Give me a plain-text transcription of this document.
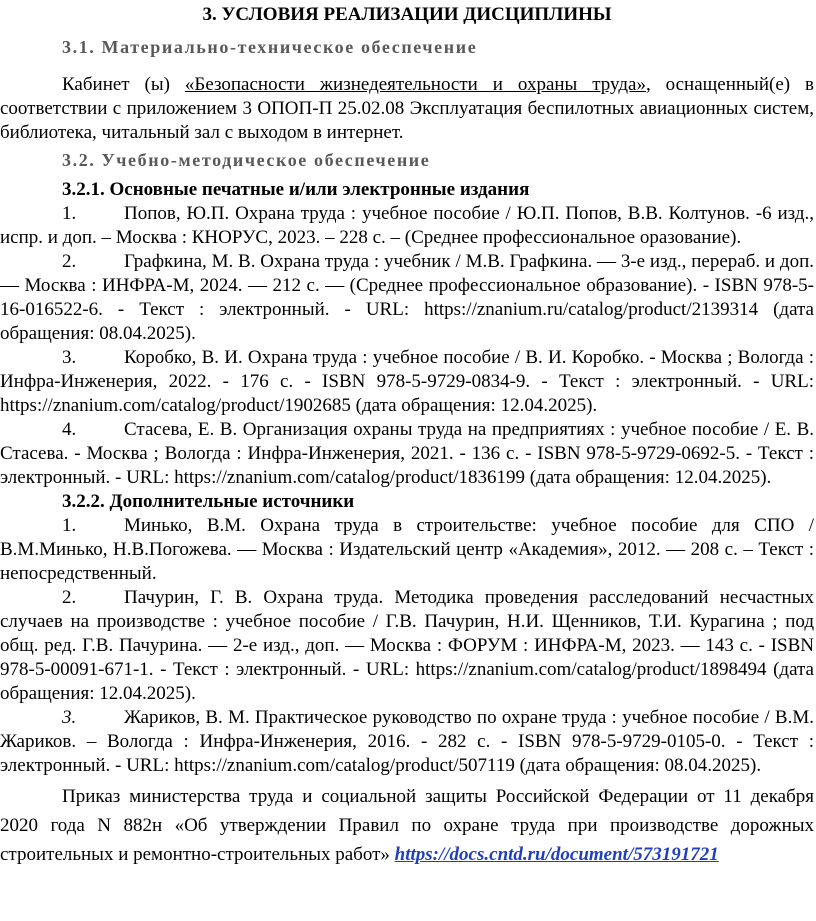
3. УСЛОВИЯ РЕАЛИЗАЦИИ ДИСЦИПЛИНЫ
3.1. Материально-техническое обеспечение

Кабинет (ы) «Безопасности жизнедеятельности и охраны труда», оснащенный(е) в соответствии с приложением 3 ОПОП-П 25.02.08 Эксплуатация беспилотных авиационных систем, библиотека, читальный зал с выходом в интернет.

3.2. Учебно-методическое обеспечение
3.2.1. Основные печатные и/или электронные издания

1.	Попов, Ю.П. Охрана труда : учебное пособие / Ю.П. Попов, В.В. Колтунов. -6 изд., испр. и доп. – Москва : КНОРУС, 2023. – 228 с. – (Среднее профессиональное оразование).

2.	Графкина, М. В. Охрана труда : учебник / М.В. Графкина. — 3-е изд., перераб. и доп. — Москва : ИНФРА-М, 2024. — 212 с. — (Среднее профессиональное образование). - ISBN 978-5-16-016522-6. - Текст : электронный. - URL: https://znanium.ru/catalog/product/2139314 (дата обращения: 08.04.2025).

3.	Коробко, В. И. Охрана труда : учебное пособие / В. И. Коробко. - Москва ; Вологда : Инфра-Инженерия, 2022. - 176 с. - ISBN 978-5-9729-0834-9. - Текст : электронный. - URL: https://znanium.com/catalog/product/1902685 (дата обращения: 12.04.2025).

4.	Стасева, Е. В. Организация охраны труда на предприятиях : учебное пособие / Е. В. Стасева. - Москва ; Вологда : Инфра-Инженерия, 2021. - 136 с. - ISBN 978-5-9729-0692-5. - Текст : электронный. - URL: https://znanium.com/catalog/product/1836199 (дата обращения: 12.04.2025).

3.2.2. Дополнительные источники

1.	Минько, В.М. Охрана труда в строительстве: учебное пособие для СПО / В.М.Минько, Н.В.Погожева. — Москва : Издательский центр «Академия», 2012. — 208 с. – Текст : непосредственный.

2.	Пачурин, Г. В. Охрана труда. Методика проведения расследований несчастных случаев на производстве : учебное пособие / Г.В. Пачурин, Н.И. Щенников, Т.И. Курагина ; под общ. ред. Г.В. Пачурина. — 2-е изд., доп. — Москва : ФОРУМ : ИНФРА-М, 2023. — 143 с. - ISBN 978-5-00091-671-1. - Текст : электронный. - URL: https://znanium.com/catalog/product/1898494 (дата обращения: 12.04.2025).

3.	Жариков, В. М. Практическое руководство по охране труда : учебное пособие / В.М. Жариков. – Вологда : Инфра-Инженерия, 2016. - 282 с. - ISBN 978-5-9729-0105-0. - Текст : электронный. - URL: https://znanium.com/catalog/product/507119 (дата обращения: 08.04.2025).

Приказ министерства труда и социальной защиты Российской Федерации от 11 декабря 2020 года N 882н «Об утверждении Правил по охране труда при производстве дорожных строительных и ремонтно-строительных работ» https://docs.cntd.ru/document/573191721
